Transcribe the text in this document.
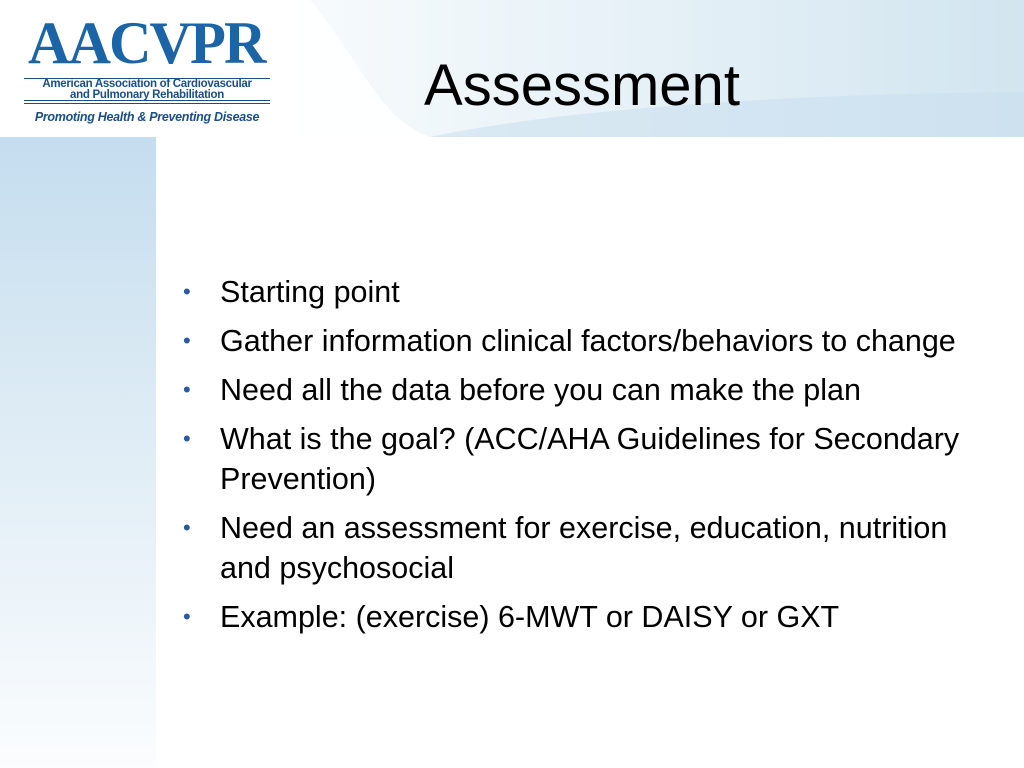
AACVPR
American Association of Cardiovascular
and Pulmonary Rehabilitation
Promoting Health & Preventing Disease	Assessment
• Starting point
• Gather information clinical factors/behaviors to change
• Need all the data before you can make the plan
• What is the goal? (ACC/AHA Guidelines for Secondary Prevention)
• Need an assessment for exercise, education, nutrition and psychosocial
• Example: (exercise) 6-MWT or DAISY or GXT
